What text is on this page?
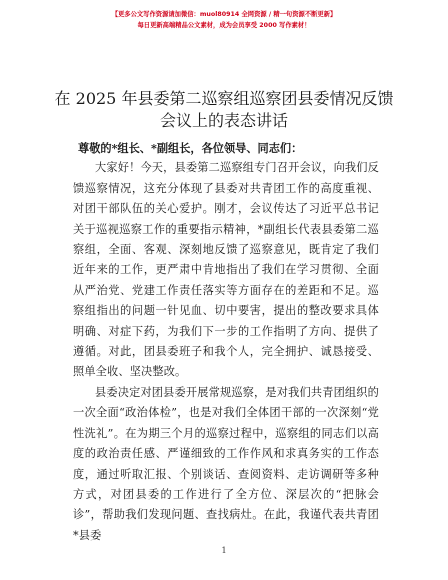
【更多公文写作资源请加微信：muol80914 全网资源 / 精一句资源不断更新】
每日更新高端精品公文素材，成为会员享受 2000 写作素材！
在 2025 年县委第二巡察组巡察团县委情况反馈
会议上的表态讲话

尊敬的*组长、*副组长，各位领导、同志们：

大家好！今天，县委第二巡察组专门召开会议，向我们反馈巡察情况，这充分体现了县委对共青团工作的高度重视、对团干部队伍的关心爱护。刚才，会议传达了习近平总书记关于巡视巡察工作的重要指示精神，*副组长代表县委第二巡察组，全面、客观、深刻地反馈了巡察意见，既肯定了我们近年来的工作，更严肃中肯地指出了我们在学习贯彻、全面从严治党、党建工作责任落实等方面存在的差距和不足。巡察组指出的问题一针见血、切中要害，提出的整改要求具体明确、对症下药，为我们下一步的工作指明了方向、提供了遵循。对此，团县委班子和我个人，完全拥护、诚恳接受、照单全收、坚决整改。

县委决定对团县委开展常规巡察，是对我们共青团组织的一次全面“政治体检”，也是对我们全体团干部的一次深刻“党性洗礼”。在为期三个月的巡察过程中，巡察组的同志们以高度的政治责任感、严谨细致的工作作风和求真务实的工作态度，通过听取汇报、个别谈话、查阅资料、走访调研等多种方式，对团县委的工作进行了全方位、深层次的“把脉会诊”，帮助我们发现问题、查找病灶。在此，我谨代表共青团*县委

1
